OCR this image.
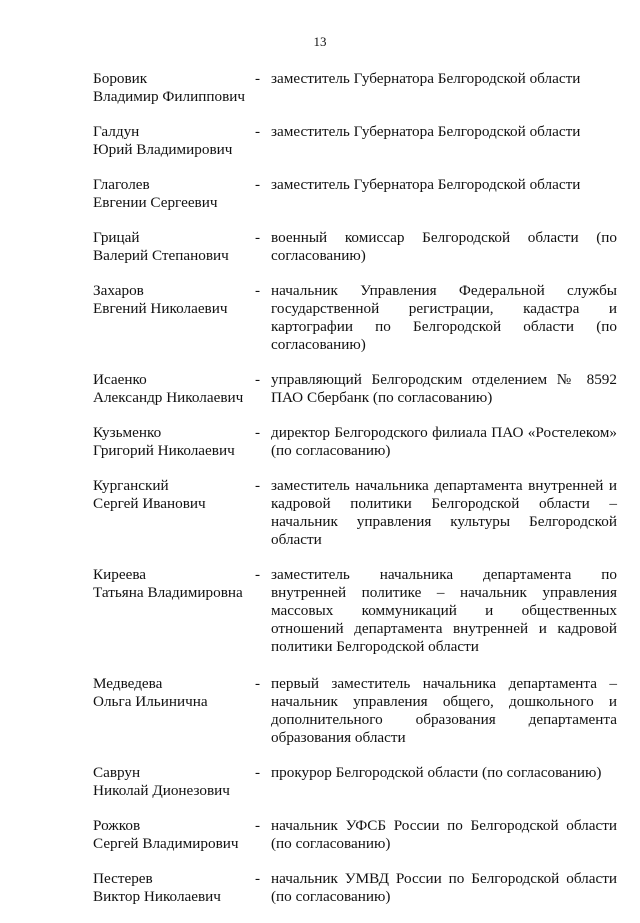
13
Боровик
Владимир Филиппович
- заместитель Губернатора Белгородской области
Галдун
Юрий Владимирович
- заместитель Губернатора Белгородской области
Глаголев
Евгении Сергеевич
- заместитель Губернатора Белгородской области
Грицай
Валерий Степанович
- военный комиссар Белгородской области (по согласованию)
Захаров
Евгений Николаевич
- начальник Управления Федеральной службы государственной регистрации, кадастра и картографии по Белгородской области (по согласованию)
Исаенко
Александр Николаевич
- управляющий Белгородским отделением № 8592 ПАО Сбербанк (по согласованию)
Кузьменко
Григорий Николаевич
- директор Белгородского филиала ПАО «Ростелеком» (по согласованию)
Курганский
Сергей Иванович
- заместитель начальника департамента внутренней и кадровой политики Белгородской области – начальник управления культуры Белгородской области
Киреева
Татьяна Владимировна
- заместитель начальника департамента по внутренней политике – начальник управления массовых коммуникаций и общественных отношений департамента внутренней и кадровой политики Белгородской области
Медведева
Ольга Ильинична
- первый заместитель начальника департамента – начальник управления общего, дошкольного и дополнительного образования департамента образования области
Саврун
Николай Дионезович
- прокурор Белгородской области (по согласованию)
Рожков
Сергей Владимирович
- начальник УФСБ России по Белгородской области (по согласованию)
Пестерев
Виктор Николаевич
- начальник УМВД России по Белгородской области (по согласованию)
